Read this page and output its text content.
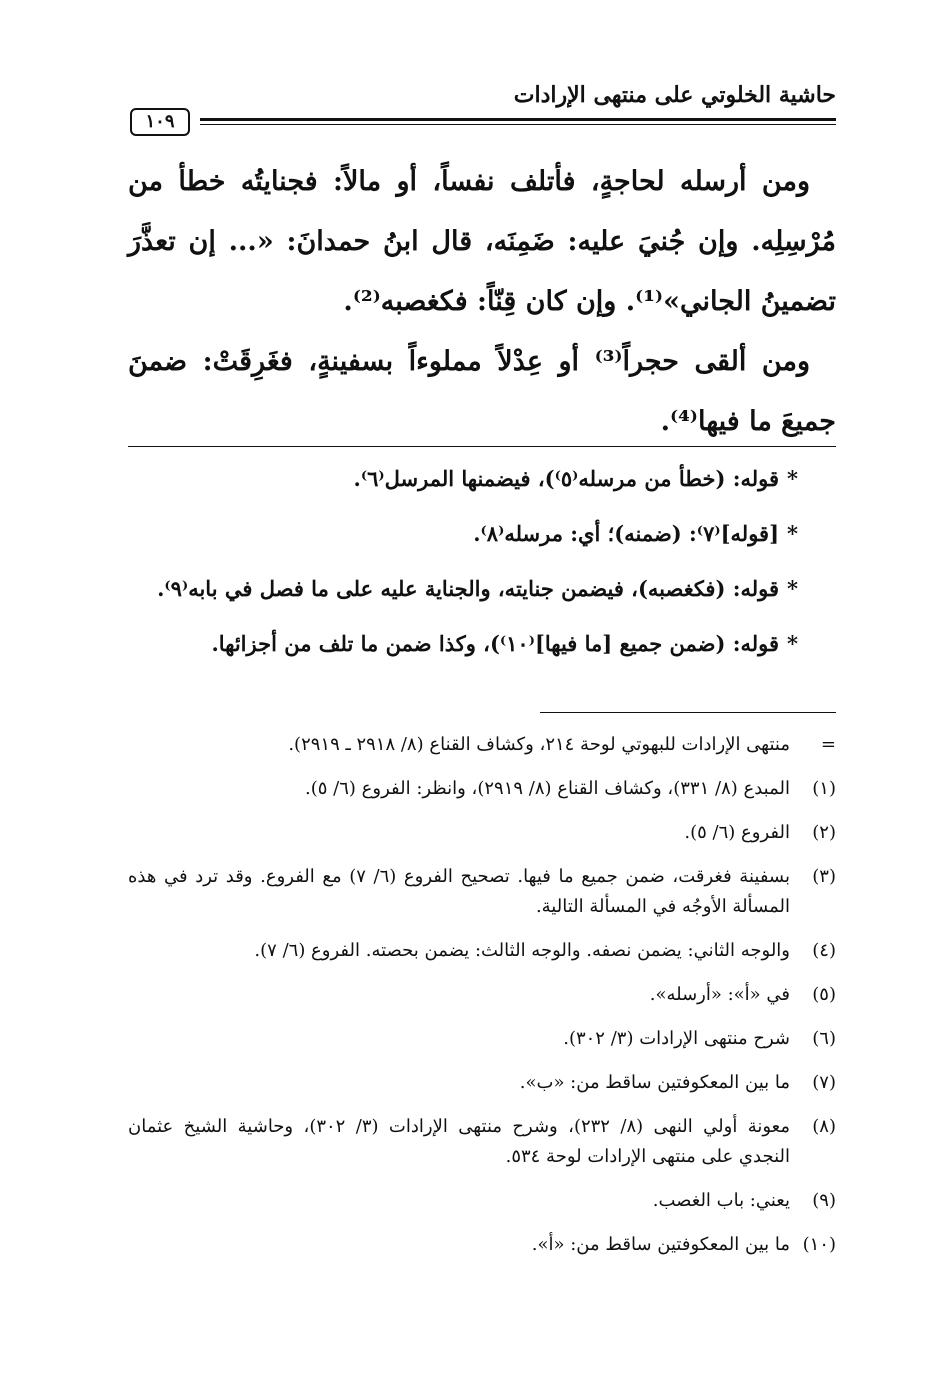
حاشية الخلوتي على منتهى الإرادات
١٠٩

ومن أرسله لحاجةٍ، فأتلف نفساً، أو مالاً: فجنايتُه خطأ من مُرْسِلِه. وإن جُنيَ عليه: ضَمِنَه، قال ابنُ حمدانَ: «... إن تعذَّرَ تضمينُ الجاني»⁽¹⁾. وإن كان قِنّاً: فكغصبه⁽²⁾.

ومن ألقى حجراً⁽³⁾ أو عِدْلاً مملوءاً بسفينةٍ، فغَرِقَتْ: ضمنَ جميعَ ما فيها⁽⁴⁾.

*قوله: (خطأ من مرسله⁽٥⁾)، فيضمنها المرسل⁽٦⁾.
*[قوله]⁽٧⁾: (ضمنه)؛ أي: مرسله⁽٨⁾.
*قوله: (فكغصبه)، فيضمن جنايته، والجناية عليه على ما فصل في بابه⁽٩⁾.
*قوله: (ضمن جميع [ما فيها]⁽١٠⁾)، وكذا ضمن ما تلف من أجزائها.
=
منتهى الإرادات للبهوتي لوحة ٢١٤، وكشاف القناع (٨/ ٢٩١٨ ـ ٢٩١٩).
(١)
المبدع (٨/ ٣٣١)، وكشاف القناع (٨/ ٢٩١٩)، وانظر: الفروع (٦/ ٥).
(٢)
الفروع (٦/ ٥).
(٣)
بسفينة فغرقت، ضمن جميع ما فيها. تصحيح الفروع (٦/ ٧) مع الفروع. وقد ترد في هذه المسألة الأوجُه في المسألة التالية.
(٤)
والوجه الثاني: يضمن نصفه. والوجه الثالث: يضمن بحصته. الفروع (٦/ ٧).
(٥)
في «أ»: «أرسله».
(٦)
شرح منتهى الإرادات (٣/ ٣٠٢).
(٧)
ما بين المعكوفتين ساقط من: «ب».
(٨)
معونة أولي النهى (٨/ ٢٣٢)، وشرح منتهى الإرادات (٣/ ٣٠٢)، وحاشية الشيخ عثمان النجدي على منتهى الإرادات لوحة ٥٣٤.
(٩)
يعني: باب الغصب.
(١٠)
ما بين المعكوفتين ساقط من: «أ».
